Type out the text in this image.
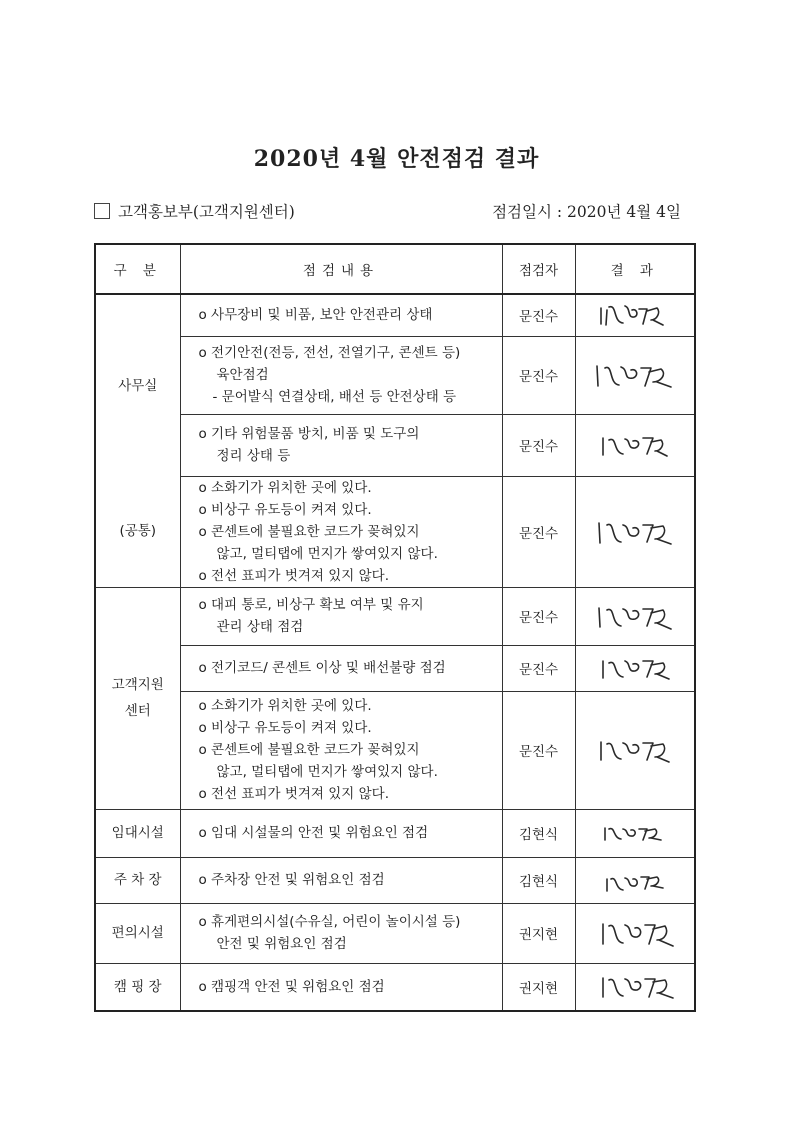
2020년 4월 안전점검 결과
고객홍보부(고객지원센터)	점검일시 : 2020년 4월 4일
구 분	점검내용	점검자	결 과
사무실	o 사무장비 및 비품, 보안 안전관리 상태	문진수	

	o 전기안전(전등, 전선, 전열기구, 콘센트 등)
육안점검
- 문어발식 연결상태, 배선 등 안전상태 등	문진수	

	o 기타 위험물품 방치, 비품 및 도구의
정리 상태 등	문진수	

(공통)	o 소화기가 위치한 곳에 있다.
o 비상구 유도등이 켜져 있다.
o 콘센트에 불필요한 코드가 꽂혀있지
않고, 멀티탭에 먼지가 쌓여있지 않다.
o 전선 표피가 벗겨져 있지 않다.	문진수	

고객지원
센터	o 대피 통로, 비상구 확보 여부 및 유지
관리 상태 점검	문진수	

	o 전기코드/ 콘센트 이상 및 배선불량 점검	문진수	

	o 소화기가 위치한 곳에 있다.
o 비상구 유도등이 켜져 있다.
o 콘센트에 불필요한 코드가 꽂혀있지
않고, 멀티탭에 먼지가 쌓여있지 않다.
o 전선 표피가 벗겨져 있지 않다.	문진수	

임대시설	o 임대 시설물의 안전 및 위험요인 점검	김현식	

주 차 장	o 주차장 안전 및 위험요인 점검	김현식	

편의시설	o 휴게편의시설(수유실, 어린이 놀이시설 등)
안전 및 위험요인 점검	권지현	

캠 핑 장	o 캠핑객 안전 및 위험요인 점검	권지현	
